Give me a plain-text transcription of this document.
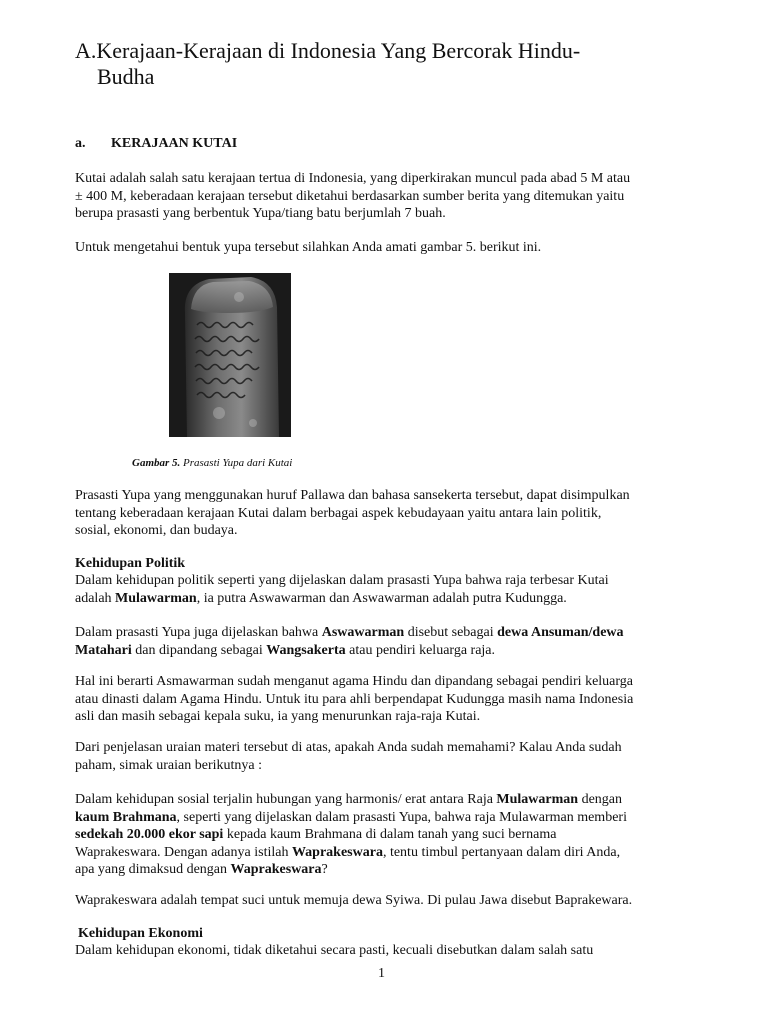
A.Kerajaan-Kerajaan di Indonesia Yang Bercorak Hindu-
Budha
a. KERAJAAN KUTAI

Kutai adalah salah satu kerajaan tertua di Indonesia, yang diperkirakan muncul pada abad 5 M atau
± 400 M, keberadaan kerajaan tersebut diketahui berdasarkan sumber berita yang ditemukan yaitu
berupa prasasti yang berbentuk Yupa/tiang batu berjumlah 7 buah.

Untuk mengetahui bentuk yupa tersebut silahkan Anda amati gambar 5. berikut ini.

Gambar 5. Prasasti Yupa dari Kutai

Prasasti Yupa yang menggunakan huruf Pallawa dan bahasa sansekerta tersebut, dapat disimpulkan
tentang keberadaan kerajaan Kutai dalam berbagai aspek kebudayaan yaitu antara lain politik,
sosial, ekonomi, dan budaya.

Kehidupan Politik

Dalam kehidupan politik seperti yang dijelaskan dalam prasasti Yupa bahwa raja terbesar Kutai
adalah Mulawarman, ia putra Aswawarman dan Aswawarman adalah putra Kudungga.

Dalam prasasti Yupa juga dijelaskan bahwa Aswawarman disebut sebagai dewa Ansuman/dewa
Matahari dan dipandang sebagai Wangsakerta atau pendiri keluarga raja.

Hal ini berarti Asmawarman sudah menganut agama Hindu dan dipandang sebagai pendiri keluarga
atau dinasti dalam Agama Hindu. Untuk itu para ahli berpendapat Kudungga masih nama Indonesia
asli dan masih sebagai kepala suku, ia yang menurunkan raja-raja Kutai.

Dari penjelasan uraian materi tersebut di atas, apakah Anda sudah memahami? Kalau Anda sudah
paham, simak uraian berikutnya :

Dalam kehidupan sosial terjalin hubungan yang harmonis/ erat antara Raja Mulawarman dengan
kaum Brahmana, seperti yang dijelaskan dalam prasasti Yupa, bahwa raja Mulawarman memberi
sedekah 20.000 ekor sapi kepada kaum Brahmana di dalam tanah yang suci bernama
Waprakeswara. Dengan adanya istilah Waprakeswara, tentu timbul pertanyaan dalam diri Anda,
apa yang dimaksud dengan Waprakeswara?

Waprakeswara adalah tempat suci untuk memuja dewa Syiwa. Di pulau Jawa disebut Baprakewara.

Kehidupan Ekonomi

Dalam kehidupan ekonomi, tidak diketahui secara pasti, kecuali disebutkan dalam salah satu

1
